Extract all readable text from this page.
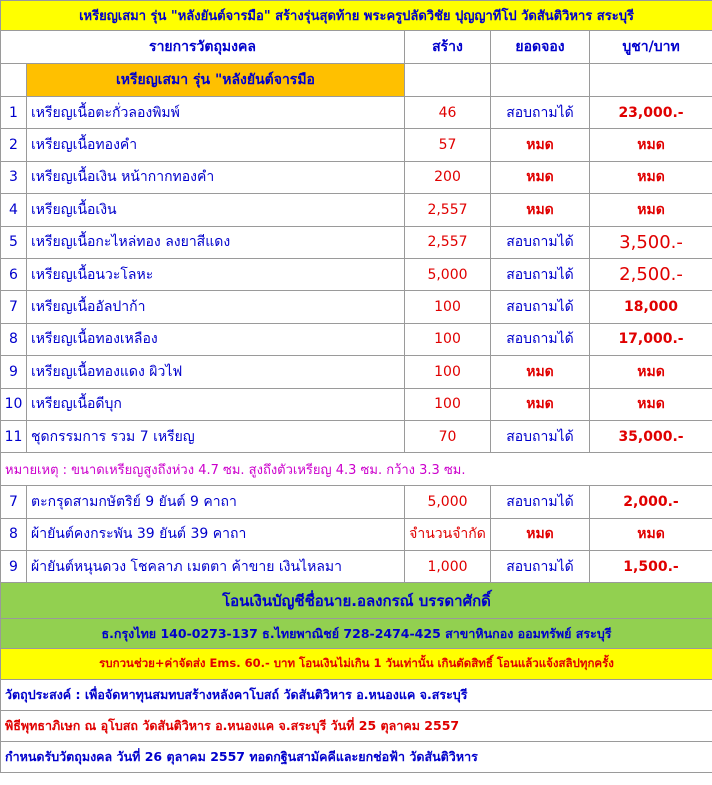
เหรียญเสมา รุ่น "หลังยันต์จารมือ" สร้างรุ่นสุดท้าย พระครูปลัดวิชัย ปุญญาทีโป วัดสันติวิหาร สระบุรี				
รายการวัตถุมงคล		สร้าง	ยอดจอง	บูชา/บาท
	เหรียญเสมา รุ่น "หลังยันต์จารมือ			
1	เหรียญเนื้อตะกั่วลองพิมพ์	46	สอบถามได้	23,000.-
2	เหรียญเนื้อทองคำ	57	หมด	หมด
3	เหรียญเนื้อเงิน หน้ากากทองคำ	200	หมด	หมด
4	เหรียญเนื้อเงิน	2,557	หมด	หมด
5	เหรียญเนื้อกะไหล่ทอง ลงยาสีแดง	2,557	สอบถามได้	3,500.-
6	เหรียญเนื้อนวะโลหะ	5,000	สอบถามได้	2,500.-
7	เหรียญเนื้ออัลปาก้า	100	สอบถามได้	18,000
8	เหรียญเนื้อทองเหลือง	100	สอบถามได้	17,000.-
9	เหรียญเนื้อทองแดง ผิวไฟ	100	หมด	หมด
10	เหรียญเนื้อดีบุก	100	หมด	หมด
11	ชุดกรรมการ รวม 7 เหรียญ	70	สอบถามได้	35,000.-
หมายเหตุ : ขนาดเหรียญสูงถึงห่วง 4.7 ซม. สูงถึงตัวเหรียญ 4.3 ซม. กว้าง 3.3 ซม.				
7	ตะกรุดสามกษัตริย์ 9 ยันต์ 9 คาถา	5,000	สอบถามได้	2,000.-
8	ผ้ายันต์คงกระพัน 39 ยันต์ 39 คาถา	จำนวนจำกัด	หมด	หมด
9	ผ้ายันต์หนุนดวง โชคลาภ เมตตา ค้าขาย เงินไหลมา	1,000	สอบถามได้	1,500.-
โอนเงินบัญชีชื่อนาย.อลงกรณ์ บรรดาศักดิ์				
ธ.กรุงไทย 140-0273-137 ธ.ไทยพาณิชย์ 728-2474-425 สาขาหินกอง ออมทรัพย์ สระบุรี				
รบกวนช่วย+ค่าจัดส่ง Ems. 60.- บาท โอนเงินไม่เกิน 1 วันเท่านั้น เกินตัดสิทธิ์ โอนแล้วแจ้งสลิปทุกครั้ง				
วัตถุประสงค์ : เพื่อจัดหาทุนสมทบสร้างหลังคาโบสถ์ วัดสันติวิหาร อ.หนองแค จ.สระบุรี				
พิธีพุทธาภิเษก ณ อุโบสถ วัดสันติวิหาร อ.หนองแค จ.สระบุรี วันที่ 25 ตุลาคม 2557				
กำหนดรับวัตถุมงคล วันที่ 26 ตุลาคม 2557 ทอดกฐินสามัคคีและยกช่อฟ้า วัดสันติวิหาร				
